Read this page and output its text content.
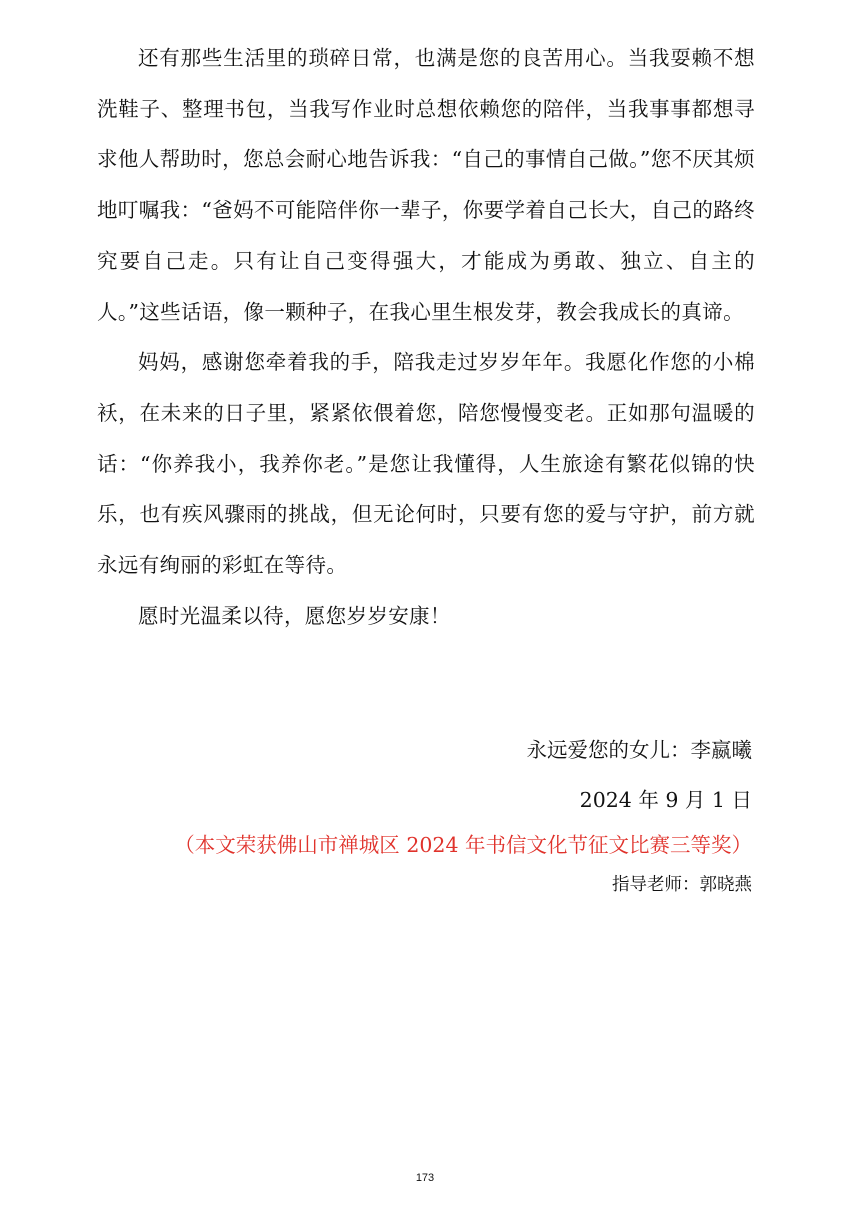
还有那些生活里的琐碎日常，也满是您的良苦用心。当我耍赖不想洗鞋子、整理书包，当我写作业时总想依赖您的陪伴，当我事事都想寻求他人帮助时，您总会耐心地告诉我：“自己的事情自己做。”您不厌其烦地叮嘱我：“爸妈不可能陪伴你一辈子，你要学着自己长大，自己的路终究要自己走。只有让自己变得强大，才能成为勇敢、独立、自主的人。”这些话语，像一颗种子，在我心里生根发芽，教会我成长的真谛。

妈妈，感谢您牵着我的手，陪我走过岁岁年年。我愿化作您的小棉袄，在未来的日子里，紧紧依偎着您，陪您慢慢变老。正如那句温暖的话：“你养我小，我养你老。”是您让我懂得，人生旅途有繁花似锦的快乐，也有疾风骤雨的挑战，但无论何时，只要有您的爱与守护，前方就永远有绚丽的彩虹在等待。

愿时光温柔以待，愿您岁岁安康！

永远爱您的女儿：李嬴曦
2024 年 9 月 1 日
（本文荣获佛山市禅城区 2024 年书信文化节征文比赛三等奖）
指导老师：郭晓燕
173
